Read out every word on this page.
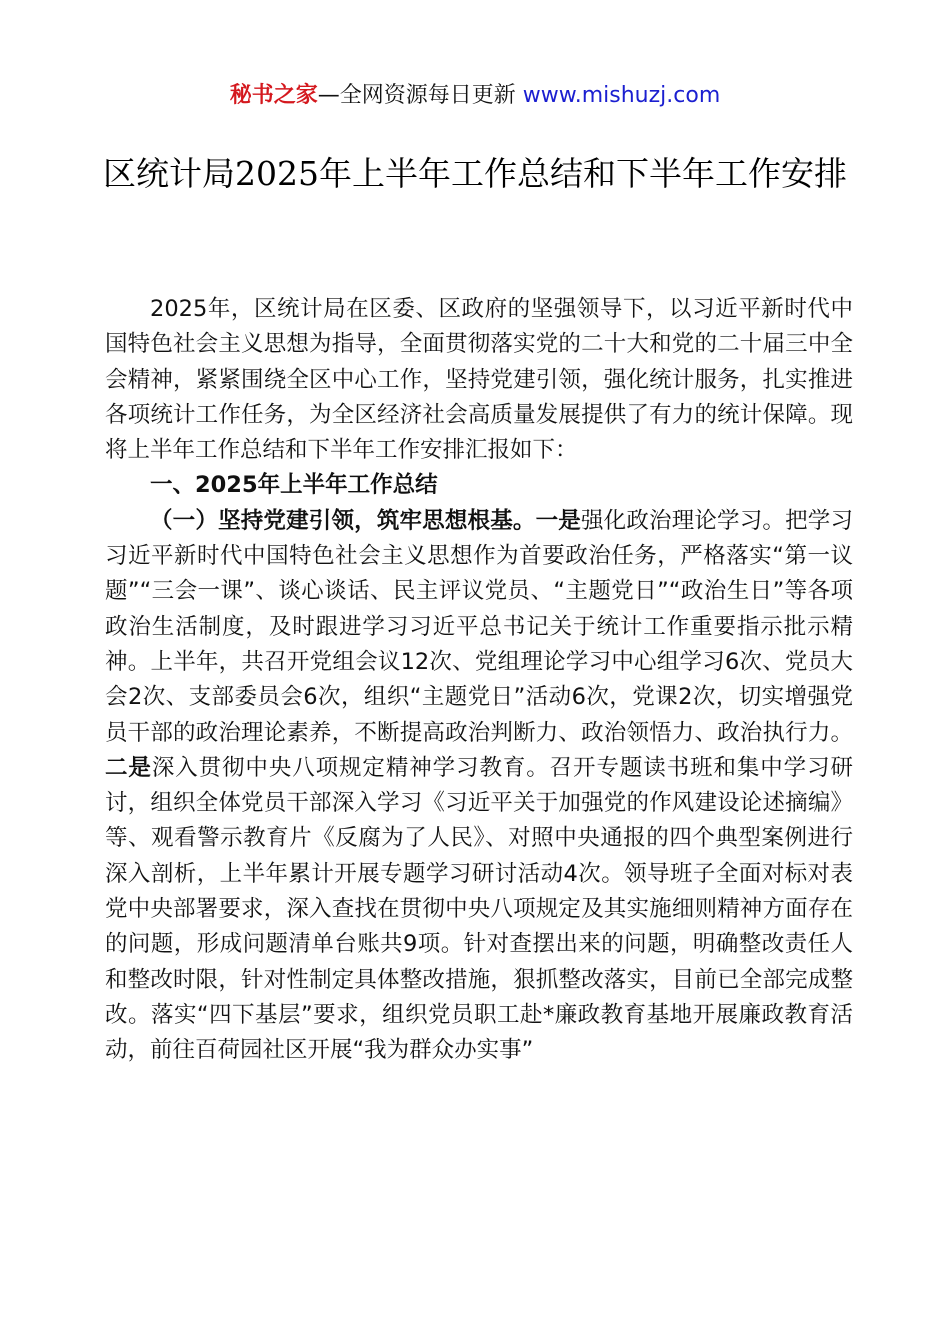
秘书之家—全网资源每日更新 www.mishuzj.com
区统计局2025年上半年工作总结和下半年工作安排

2025年，区统计局在区委、区政府的坚强领导下，以习近平新时代中国特色社会主义思想为指导，全面贯彻落实党的二十大和党的二十届三中全会精神，紧紧围绕全区中心工作，坚持党建引领，强化统计服务，扎实推进各项统计工作任务，为全区经济社会高质量发展提供了有力的统计保障。现将上半年工作总结和下半年工作安排汇报如下：

一、2025年上半年工作总结

（一）坚持党建引领，筑牢思想根基。一是强化政治理论学习。把学习习近平新时代中国特色社会主义思想作为首要政治任务，严格落实“第一议题”“三会一课”、谈心谈话、民主评议党员、“主题党日”“政治生日”等各项政治生活制度，及时跟进学习习近平总书记关于统计工作重要指示批示精神。上半年，共召开党组会议12次、党组理论学习中心组学习6次、党员大会2次、支部委员会6次，组织“主题党日”活动6次，党课2次，切实增强党员干部的政治理论素养，不断提高政治判断力、政治领悟力、政治执行力。二是深入贯彻中央八项规定精神学习教育。召开专题读书班和集中学习研讨，组织全体党员干部深入学习《习近平关于加强党的作风建设论述摘编》等、观看警示教育片《反腐为了人民》、对照中央通报的四个典型案例进行深入剖析，上半年累计开展专题学习研讨活动4次。领导班子全面对标对表党中央部署要求，深入查找在贯彻中央八项规定及其实施细则精神方面存在的问题，形成问题清单台账共9项。针对查摆出来的问题，明确整改责任人和整改时限，针对性制定具体整改措施，狠抓整改落实，目前已全部完成整改。落实“四下基层”要求，组织党员职工赴*廉政教育基地开展廉政教育活动，前往百荷园社区开展“我为群众办实事”
